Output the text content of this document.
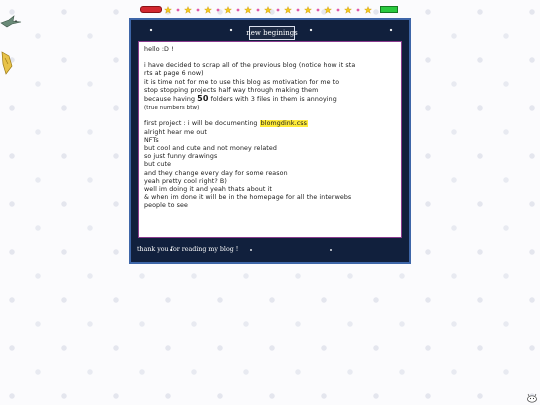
new beginings
hello :D !
i have decided to scrap all of the previous blog (notice how it sta
rts at page 6 now)
it is time not for me to use this blog as motivation for me to
stop stopping projects half way through making them
because having 50 folders with 3 files in them is annoying
(true numbers btw)
first project : i will be documenting blomgdink.css
alright hear me out
NFTs
but cool and cute and not money related
so just funny drawings
but cute
and they change every day for some reason
yeah pretty cool right? B)
well im doing it and yeah thats about it
& when im done it will be in the homepage for all the interwebs
people to see
thank you for reading my blog !
